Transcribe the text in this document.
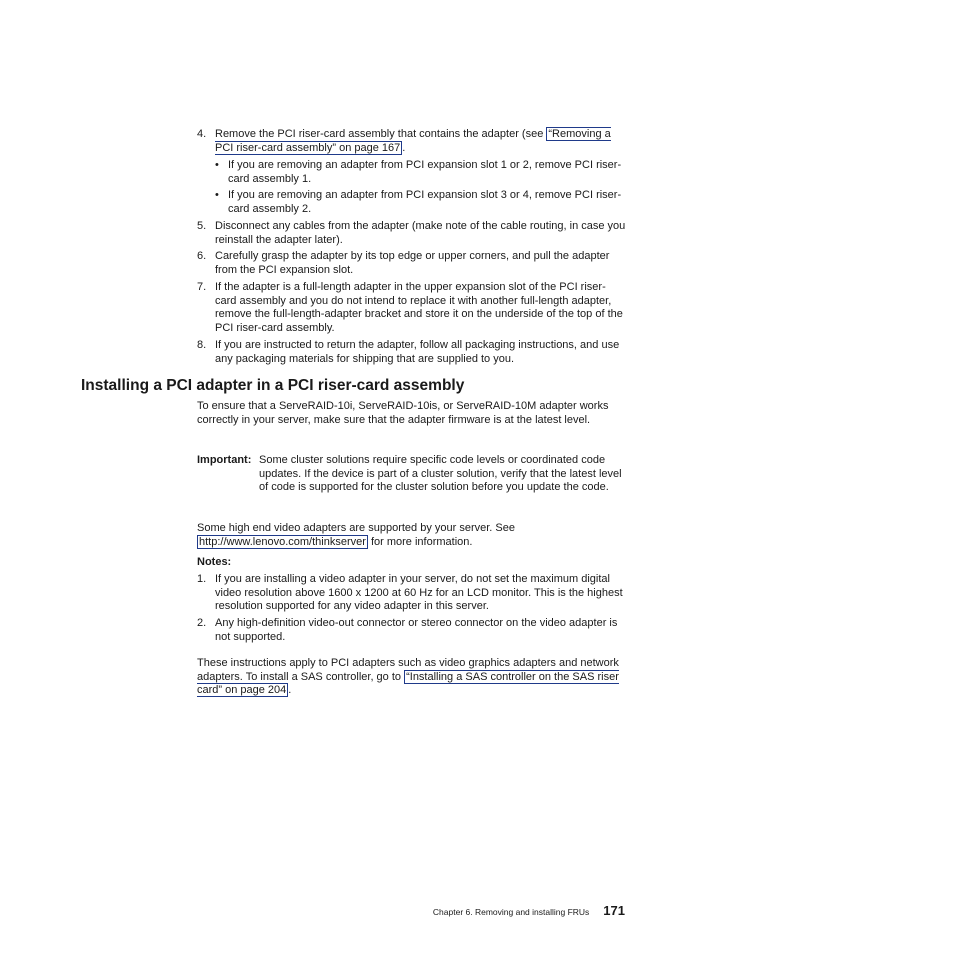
4. Remove the PCI riser-card assembly that contains the adapter (see “Removing a PCI riser-card assembly” on page 167 .
• If you are removing an adapter from PCI expansion slot 1 or 2, remove PCI riser-card assembly 1.
• If you are removing an adapter from PCI expansion slot 3 or 4, remove PCI riser-card assembly 2.
5. Disconnect any cables from the adapter (make note of the cable routing, in case you reinstall the adapter later).
6. Carefully grasp the adapter by its top edge or upper corners, and pull the adapter from the PCI expansion slot.
7. If the adapter is a full-length adapter in the upper expansion slot of the PCI riser-card assembly and you do not intend to replace it with another full-length adapter, remove the full-length-adapter bracket and store it on the underside of the top of the PCI riser-card assembly.
8. If you are instructed to return the adapter, follow all packaging instructions, and use any packaging materials for shipping that are supplied to you.
Installing a PCI adapter in a PCI riser-card assembly
To ensure that a ServeRAID-10i, ServeRAID-10is, or ServeRAID-10M adapter works correctly in your server, make sure that the adapter firmware is at the latest level.
Important: Some cluster solutions require specific code levels or coordinated code updates. If the device is part of a cluster solution, verify that the latest level of code is supported for the cluster solution before you update the code.
Some high end video adapters are supported by your server. See http://www.lenovo.com/thinkserver for more information.
Notes:
1. If you are installing a video adapter in your server, do not set the maximum digital video resolution above 1600 x 1200 at 60 Hz for an LCD monitor. This is the highest resolution supported for any video adapter in this server.
2. Any high-definition video-out connector or stereo connector on the video adapter is not supported.
These instructions apply to PCI adapters such as video graphics adapters and network adapters. To install a SAS controller, go to “Installing a SAS controller on the SAS riser card” on page 204 .
Chapter 6. Removing and installing FRUs 171
